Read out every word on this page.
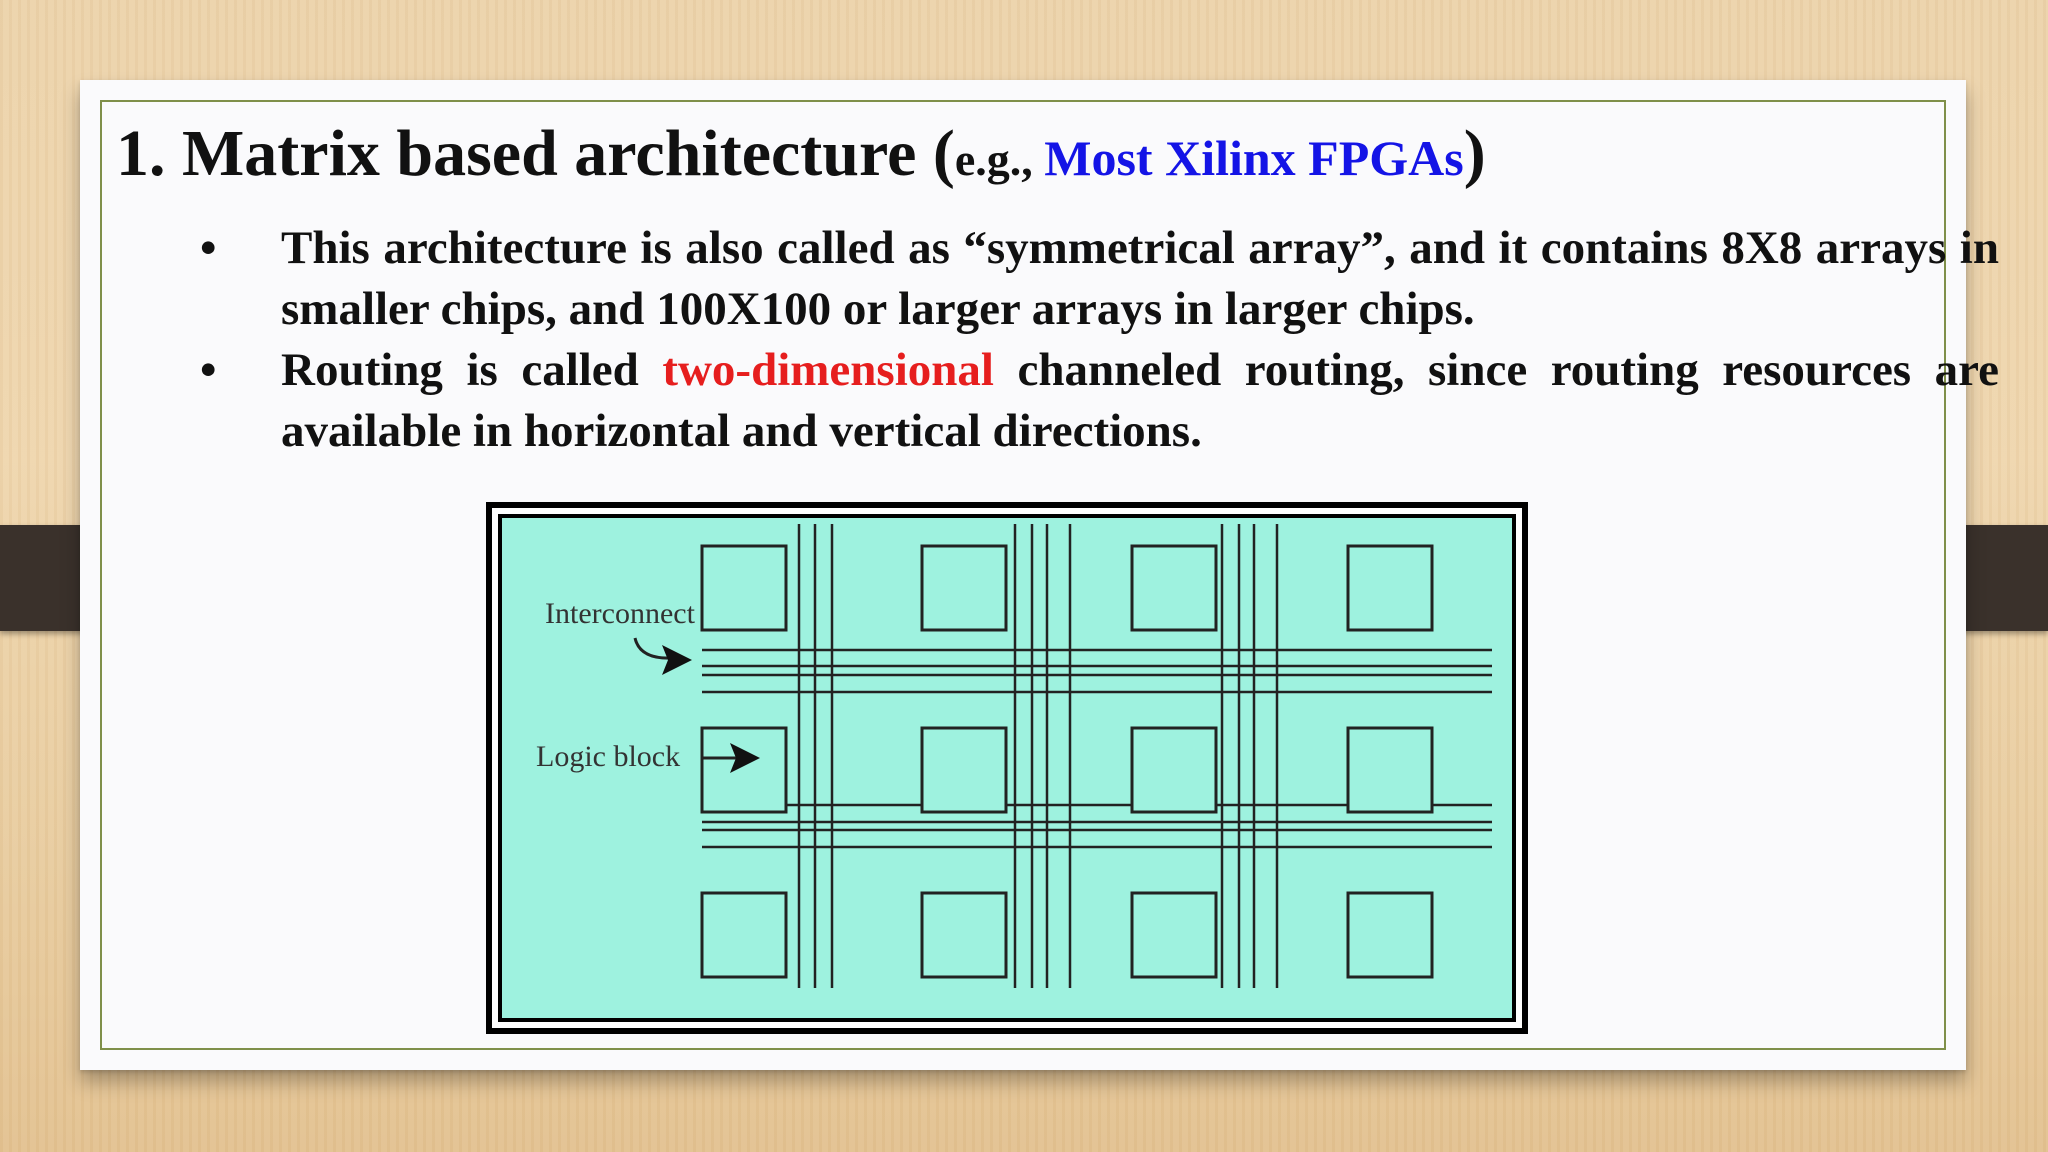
1. Matrix based architecture (e.g., Most Xilinx FPGAs)
• This architecture is also called as “symmetrical array”, and it contains 8X8 arrays in smaller chips, and 100X100 or larger arrays in larger chips.
• Routing is called two-dimensional channeled routing, since routing resources are available in horizontal and vertical directions.
Interconnect
Logic block
